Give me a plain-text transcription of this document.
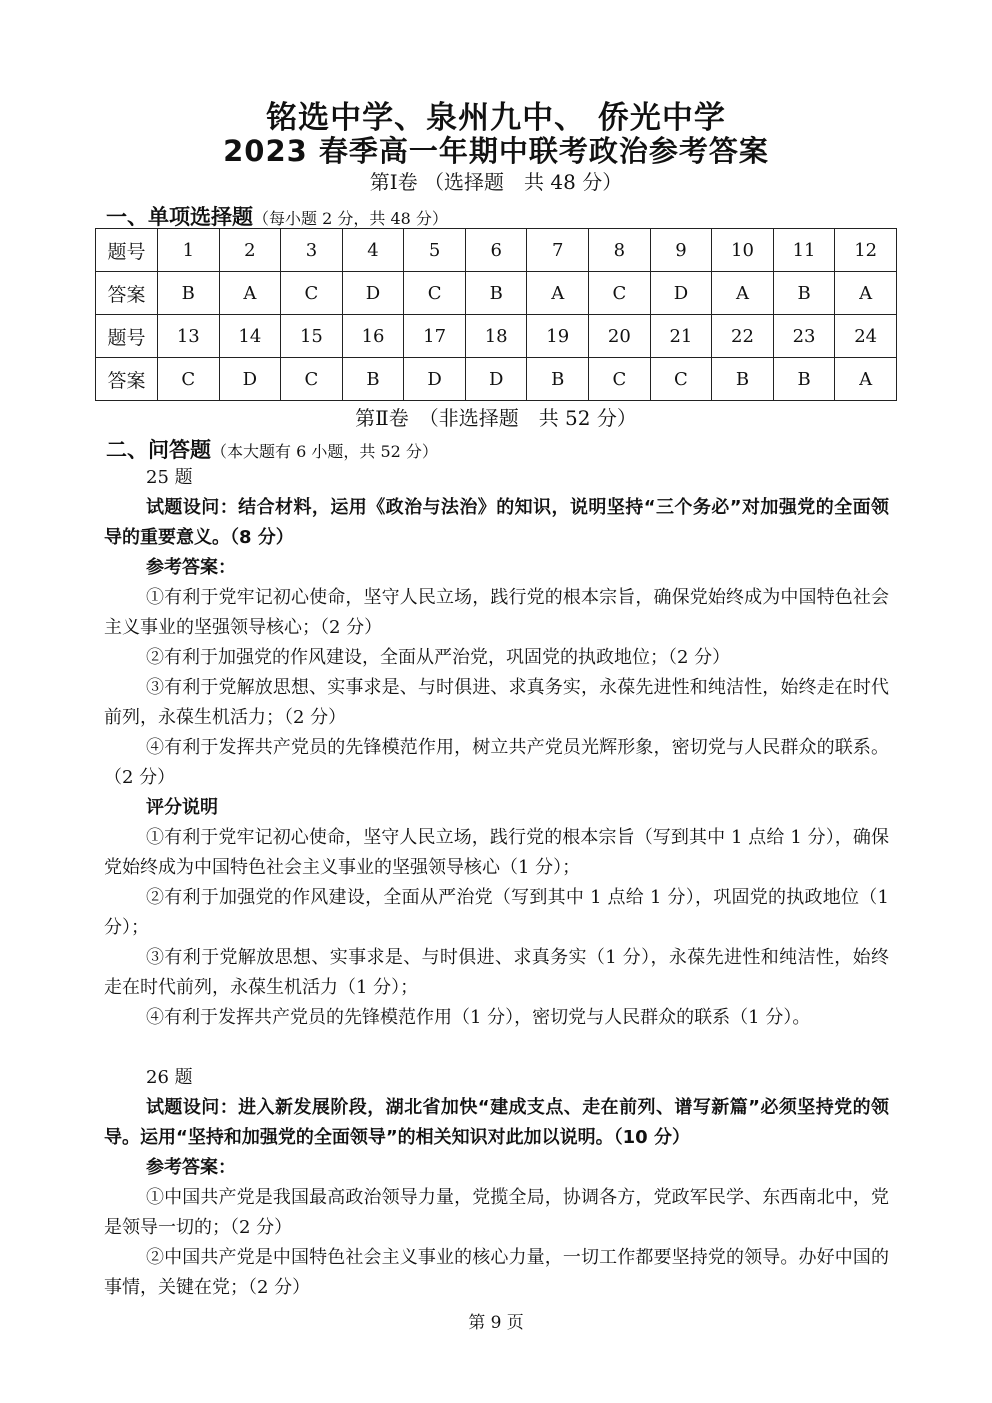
铭选中学、泉州九中、 侨光中学
2023 春季高一年期中联考政治参考答案
第Ⅰ卷 （选择题　共 48 分）
一、单项选择题（每小题 2 分，共 48 分）
题号	1	2	3	4	5	6	7	8	9	10	11	12
答案	B	A	C	D	C	B	A	C	D	A	B	A
题号	13	14	15	16	17	18	19	20	21	22	23	24
答案	C	D	C	B	D	D	B	C	C	B	B	A
第Ⅱ卷　（非选择题　共 52 分）
二、问答题（本大题有 6 小题，共 52 分）
25 题
试题设问：结合材料，运用《政治与法治》的知识，说明坚持“三个务必”对加强党的全面领导的重要意义。（8 分）
参考答案：
①有利于党牢记初心使命，坚守人民立场，践行党的根本宗旨，确保党始终成为中国特色社会主义事业的坚强领导核心；（2 分）
②有利于加强党的作风建设，全面从严治党，巩固党的执政地位；（2 分）
③有利于党解放思想、实事求是、与时俱进、求真务实，永葆先进性和纯洁性，始终走在时代前列，永葆生机活力；（2 分）
④有利于发挥共产党员的先锋模范作用，树立共产党员光辉形象，密切党与人民群众的联系。（2 分）
评分说明
①有利于党牢记初心使命，坚守人民立场，践行党的根本宗旨（写到其中 1 点给 1 分），确保党始终成为中国特色社会主义事业的坚强领导核心（1 分）；
②有利于加强党的作风建设，全面从严治党（写到其中 1 点给 1 分），巩固党的执政地位（1 分）；
③有利于党解放思想、实事求是、与时俱进、求真务实（1 分），永葆先进性和纯洁性，始终走在时代前列，永葆生机活力（1 分）；
④有利于发挥共产党员的先锋模范作用（1 分），密切党与人民群众的联系（1 分）。
26 题
试题设问：进入新发展阶段，湖北省加快“建成支点、走在前列、谱写新篇”必须坚持党的领导。运用“坚持和加强党的全面领导”的相关知识对此加以说明。（10 分）
参考答案：
①中国共产党是我国最高政治领导力量，党揽全局，协调各方，党政军民学、东西南北中，党是领导一切的；（2 分）
②中国共产党是中国特色社会主义事业的核心力量，一切工作都要坚持党的领导。办好中国的事情，关键在党；（2 分）
第 9 页
